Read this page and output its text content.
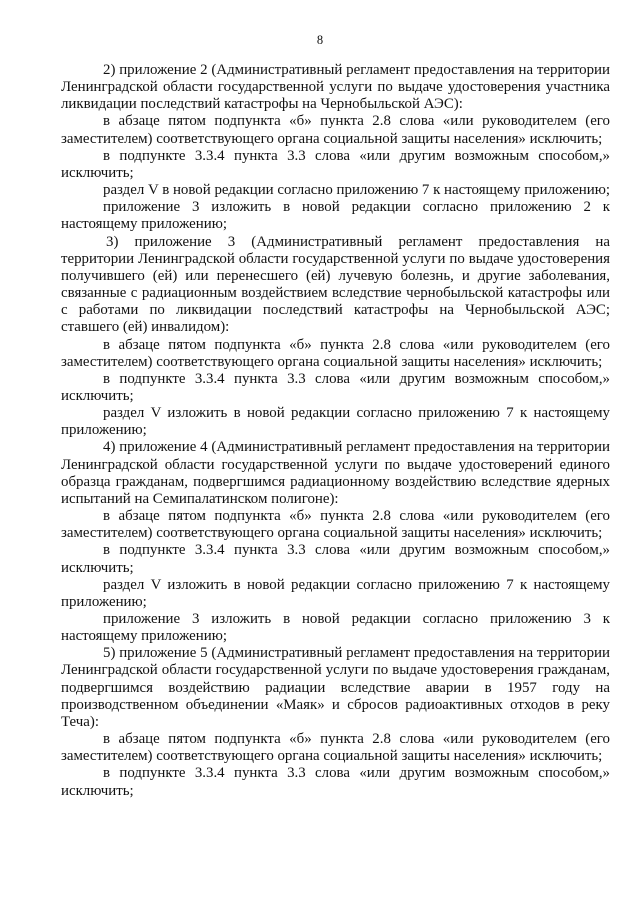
8

2) приложение 2 (Административный регламент предоставления на территории Ленинградской области государственной услуги по выдаче удостоверения участника ликвидации последствий катастрофы на Чернобыльской АЭС):

в абзаце пятом подпункта «б» пункта 2.8 слова «или руководителем (его заместителем) соответствующего органа социальной защиты населения» исключить;

в подпункте 3.3.4 пункта 3.3 слова «или другим возможным способом,» исключить;

раздел V в новой редакции согласно приложению 7 к настоящему приложению;

приложение 3 изложить в новой редакции согласно приложению 2 к настоящему приложению;

3) приложение 3 (Административный регламент предоставления на территории Ленинградской области государственной услуги по выдаче удостоверения получившего (ей) или перенесшего (ей) лучевую болезнь, и другие заболевания, связанные с радиационным воздействием вследствие чернобыльской катастрофы или с работами по ликвидации последствий катастрофы на Чернобыльской АЭС; ставшего (ей) инвалидом):

в абзаце пятом подпункта «б» пункта 2.8 слова «или руководителем (его заместителем) соответствующего органа социальной защиты населения» исключить;

в подпункте 3.3.4 пункта 3.3 слова «или другим возможным способом,» исключить;

раздел V изложить в новой редакции согласно приложению 7 к настоящему приложению;

4) приложение 4 (Административный регламент предоставления на территории Ленинградской области государственной услуги по выдаче удостоверений единого образца гражданам, подвергшимся радиационному воздействию вследствие ядерных испытаний на Семипалатинском полигоне):

в абзаце пятом подпункта «б» пункта 2.8 слова «или руководителем (его заместителем) соответствующего органа социальной защиты населения» исключить;

в подпункте 3.3.4 пункта 3.3 слова «или другим возможным способом,» исключить;

раздел V изложить в новой редакции согласно приложению 7 к настоящему приложению;

приложение 3 изложить в новой редакции согласно приложению 3 к настоящему приложению;

5) приложение 5 (Административный регламент предоставления на территории Ленинградской области государственной услуги по выдаче удостоверения гражданам, подвергшимся воздействию радиации вследствие аварии в 1957 году на производственном объединении «Маяк» и сбросов радиоактивных отходов в реку Теча):

в абзаце пятом подпункта «б» пункта 2.8 слова «или руководителем (его заместителем) соответствующего органа социальной защиты населения» исключить;

в подпункте 3.3.4 пункта 3.3 слова «или другим возможным способом,» исключить;
